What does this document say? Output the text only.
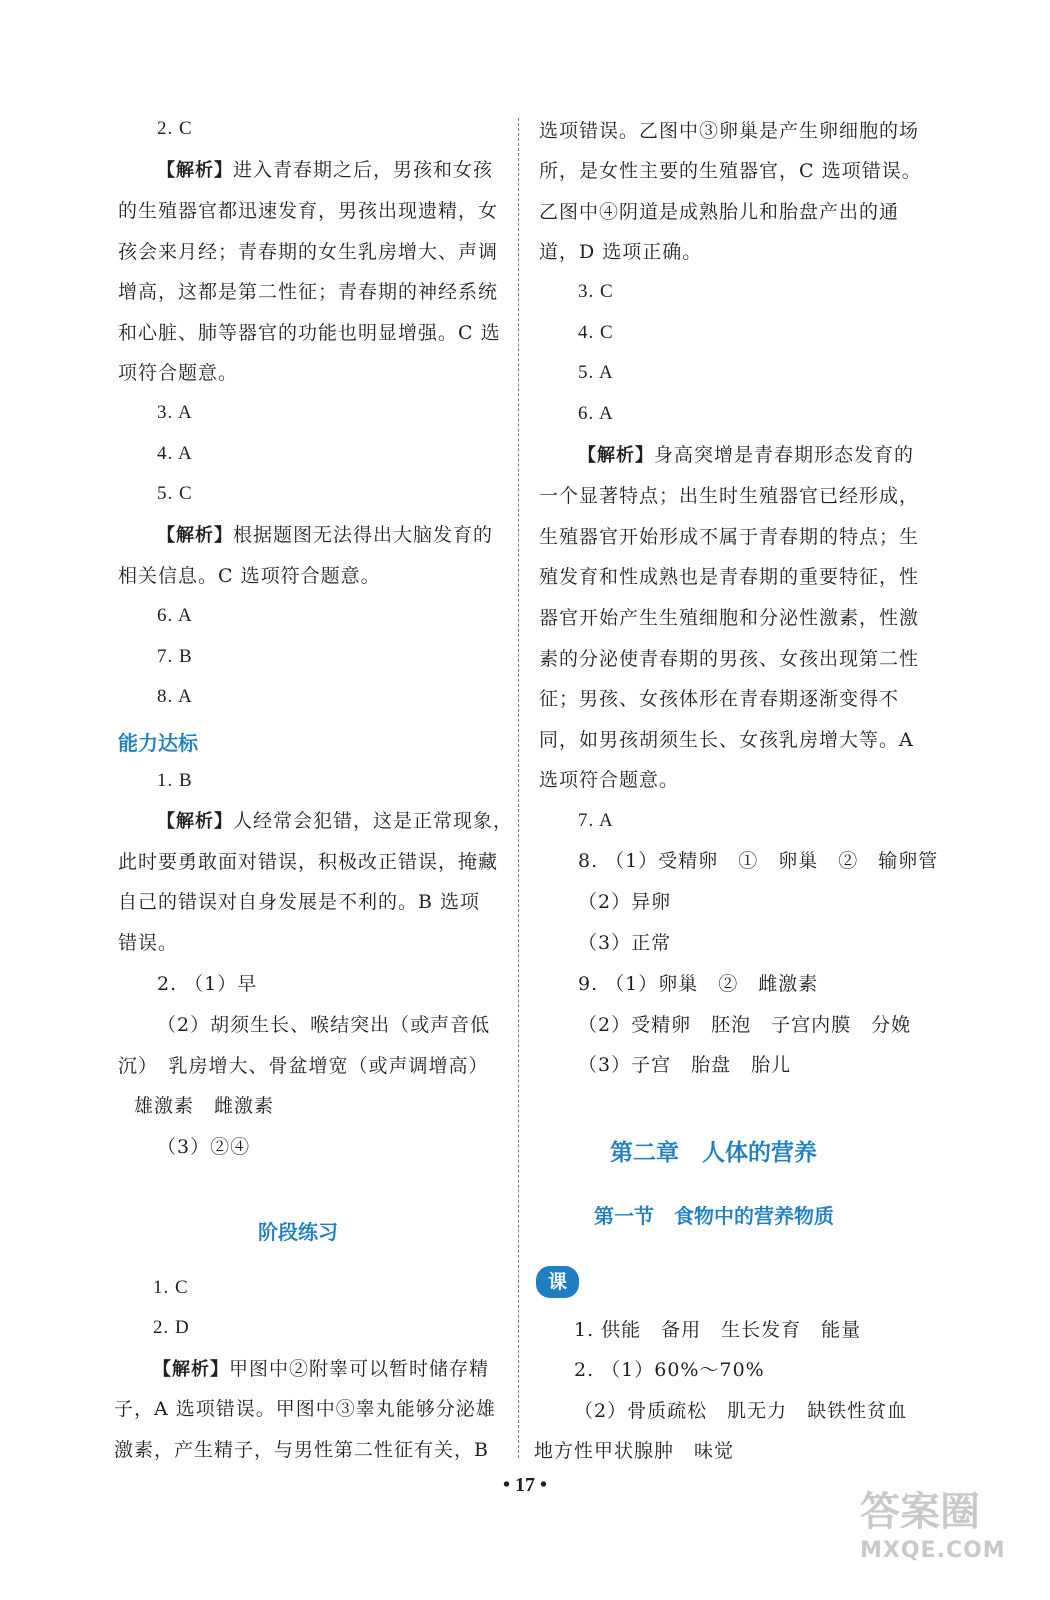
2. C
【解析】进入青春期之后，男孩和女孩
的生殖器官都迅速发育，男孩出现遗精，女
孩会来月经；青春期的女生乳房增大、声调
增高，这都是第二性征；青春期的神经系统
和心脏、肺等器官的功能也明显增强。C 选
项符合题意。
3. A
4. A
5. C
【解析】根据题图无法得出大脑发育的
相关信息。C 选项符合题意。
6. A
7. B
8. A
能力达标
1. B
【解析】人经常会犯错，这是正常现象，
此时要勇敢面对错误，积极改正错误，掩藏
自己的错误对自身发展是不利的。B 选项
错误。
2. （1）早
（2）胡须生长、喉结突出（或声音低
沉）　乳房增大、骨盆增宽（或声调增高）
雄激素　雌激素
（3）②④
阶段练习
1. C
2. D
【解析】甲图中②附睾可以暂时储存精
子，A 选项错误。甲图中③睾丸能够分泌雄
激素，产生精子，与男性第二性征有关，B
选项错误。乙图中③卵巢是产生卵细胞的场
所，是女性主要的生殖器官，C 选项错误。
乙图中④阴道是成熟胎儿和胎盘产出的通
道，D 选项正确。
3. C
4. C
5. A
6. A
【解析】身高突增是青春期形态发育的
一个显著特点；出生时生殖器官已经形成，
生殖器官开始形成不属于青春期的特点；生
殖发育和性成熟也是青春期的重要特征，性
器官开始产生生殖细胞和分泌性激素，性激
素的分泌使青春期的男孩、女孩出现第二性
征；男孩、女孩体形在青春期逐渐变得不
同，如男孩胡须生长、女孩乳房增大等。A
选项符合题意。
7. A
8. （1）受精卵　①　卵巢　②　输卵管
（2）异卵
（3）正常
9. （1）卵巢　②　雌激素
（2）受精卵　胚泡　子宫内膜　分娩
（3）子宫　胎盘　胎儿
第二章　人体的营养
第一节　食物中的营养物质
课前梳理
1. 供能　备用　生长发育　能量
2. （1）60%～70%
（2）骨质疏松　肌无力　缺铁性贫血
地方性甲状腺肿　味觉
• 17 •
答案圈
MXQE.COM
